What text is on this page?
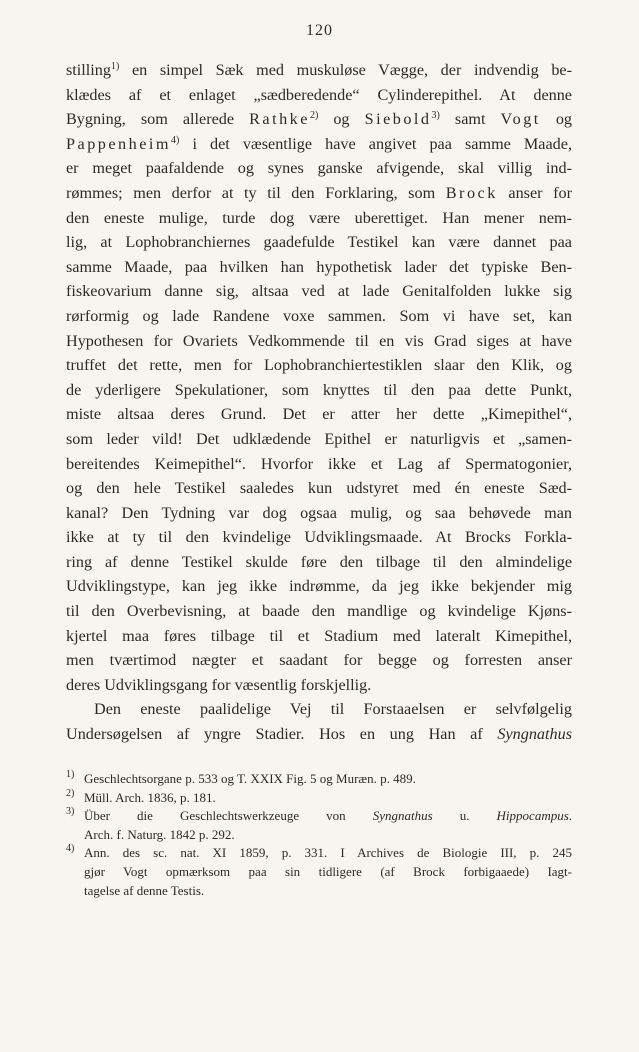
120
stilling$^{1)}$ en simpel Sæk med muskuløse Vægge, der indvendig be-
klædes af et enlaget „sædberedende“ Cylinderepithel. At denne
Bygning, som allerede Rathke$^{2)}$ og Siebold$^{3)}$ samt Vogt og
Pappenheim$^{4)}$ i det væsentlige have angivet paa samme Maade,
er meget paafaldende og synes ganske afvigende, skal villig ind-
rømmes; men derfor at ty til den Forklaring, som Brock anser for
den eneste mulige, turde dog være uberettiget. Han mener nem-
lig, at Lophobranchiernes gaadefulde Testikel kan være dannet paa
samme Maade, paa hvilken han hypothetisk lader det typiske Ben-
fiskeovarium danne sig, altsaa ved at lade Genitalfolden lukke sig
rørformig og lade Randene voxe sammen. Som vi have set, kan
Hypothesen for Ovariets Vedkommende til en vis Grad siges at have
truffet det rette, men for Lophobranchiertestiklen slaar den Klik, og
de yderligere Spekulationer, som knyttes til den paa dette Punkt,
miste altsaa deres Grund. Det er atter her dette „Kimepithel“,
som leder vild! Det udklædende Epithel er naturligvis et „samen-
bereitendes Keimepithel“. Hvorfor ikke et Lag af Spermatogonier,
og den hele Testikel saaledes kun udstyret med én eneste Sæd-
kanal? Den Tydning var dog ogsaa mulig, og saa behøvede man
ikke at ty til den kvindelige Udviklingsmaade. At Brocks Forkla-
ring af denne Testikel skulde føre den tilbage til den almindelige
Udviklingstype, kan jeg ikke indrømme, da jeg ikke bekjender mig
til den Overbevisning, at baade den mandlige og kvindelige Kjøns-
kjertel maa føres tilbage til et Stadium med lateralt Kimepithel,
men tværtimod nægter et saadant for begge og forresten anser
deres Udviklingsgang for væsentlig forskjellig.
Den eneste paalidelige Vej til Forstaaelsen er selvfølgelig
Undersøgelsen af yngre Stadier. Hos en ung Han af Syngnathus
$^{1)}$ Geschlechtsorgane p. 533 og T. XXIX Fig. 5 og Muræn. p. 489.
$^{2)}$ Müll. Arch. 1836, p. 181.
$^{3)}$ Über die Geschlechtswerkzeuge von Syngnathus u. Hippocampus.
Arch. f. Naturg. 1842 p. 292.
$^{4)}$ Ann. des sc. nat. XI 1859, p. 331. I Archives de Biologie III, p. 245
gjør Vogt opmærksom paa sin tidligere (af Brock forbigaaede) Iagt-
tagelse af denne Testis.
